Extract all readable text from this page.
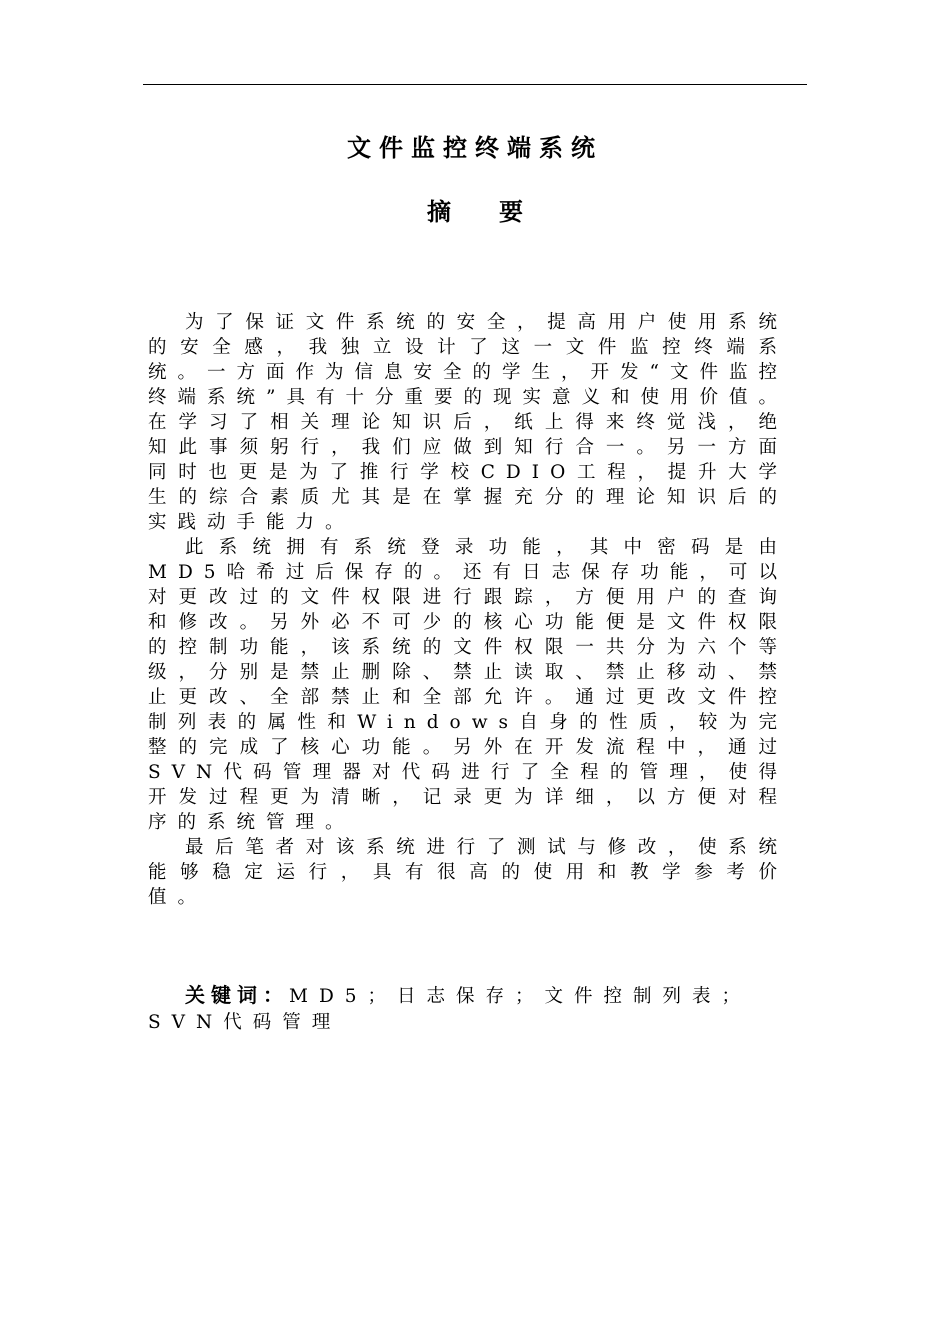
文件监控终端系统
摘 要

为了保证文件系统的安全，提高用户使用系统的安全感，我独立设计了这一文件监控终端系统。一方面作为信息安全的学生，开发“文件监控终端系统”具有十分重要的现实意义和使用价值。在学习了相关理论知识后，纸上得来终觉浅，绝知此事须躬行，我们应做到知行合一。另一方面同时也更是为了推行学校CDIO工程，提升大学生的综合素质尤其是在掌握充分的理论知识后的实践动手能力。

此系统拥有系统登录功能，其中密码是由MD5哈希过后保存的。还有日志保存功能，可以对更改过的文件权限进行跟踪，方便用户的查询和修改。另外必不可少的核心功能便是文件权限的控制功能，该系统的文件权限一共分为六个等级，分别是禁止删除、禁止读取、禁止移动、禁止更改、全部禁止和全部允许。通过更改文件控制列表的属性和Windows自身的性质，较为完整的完成了核心功能。另外在开发流程中，通过SVN代码管理器对代码进行了全程的管理，使得开发过程更为清晰，记录更为详细，以方便对程序的系统管理。

最后笔者对该系统进行了测试与修改，使系统能够稳定运行，具有很高的使用和教学参考价值。

关键词：MD5；日志保存；文件控制列表；SVN代码管理
